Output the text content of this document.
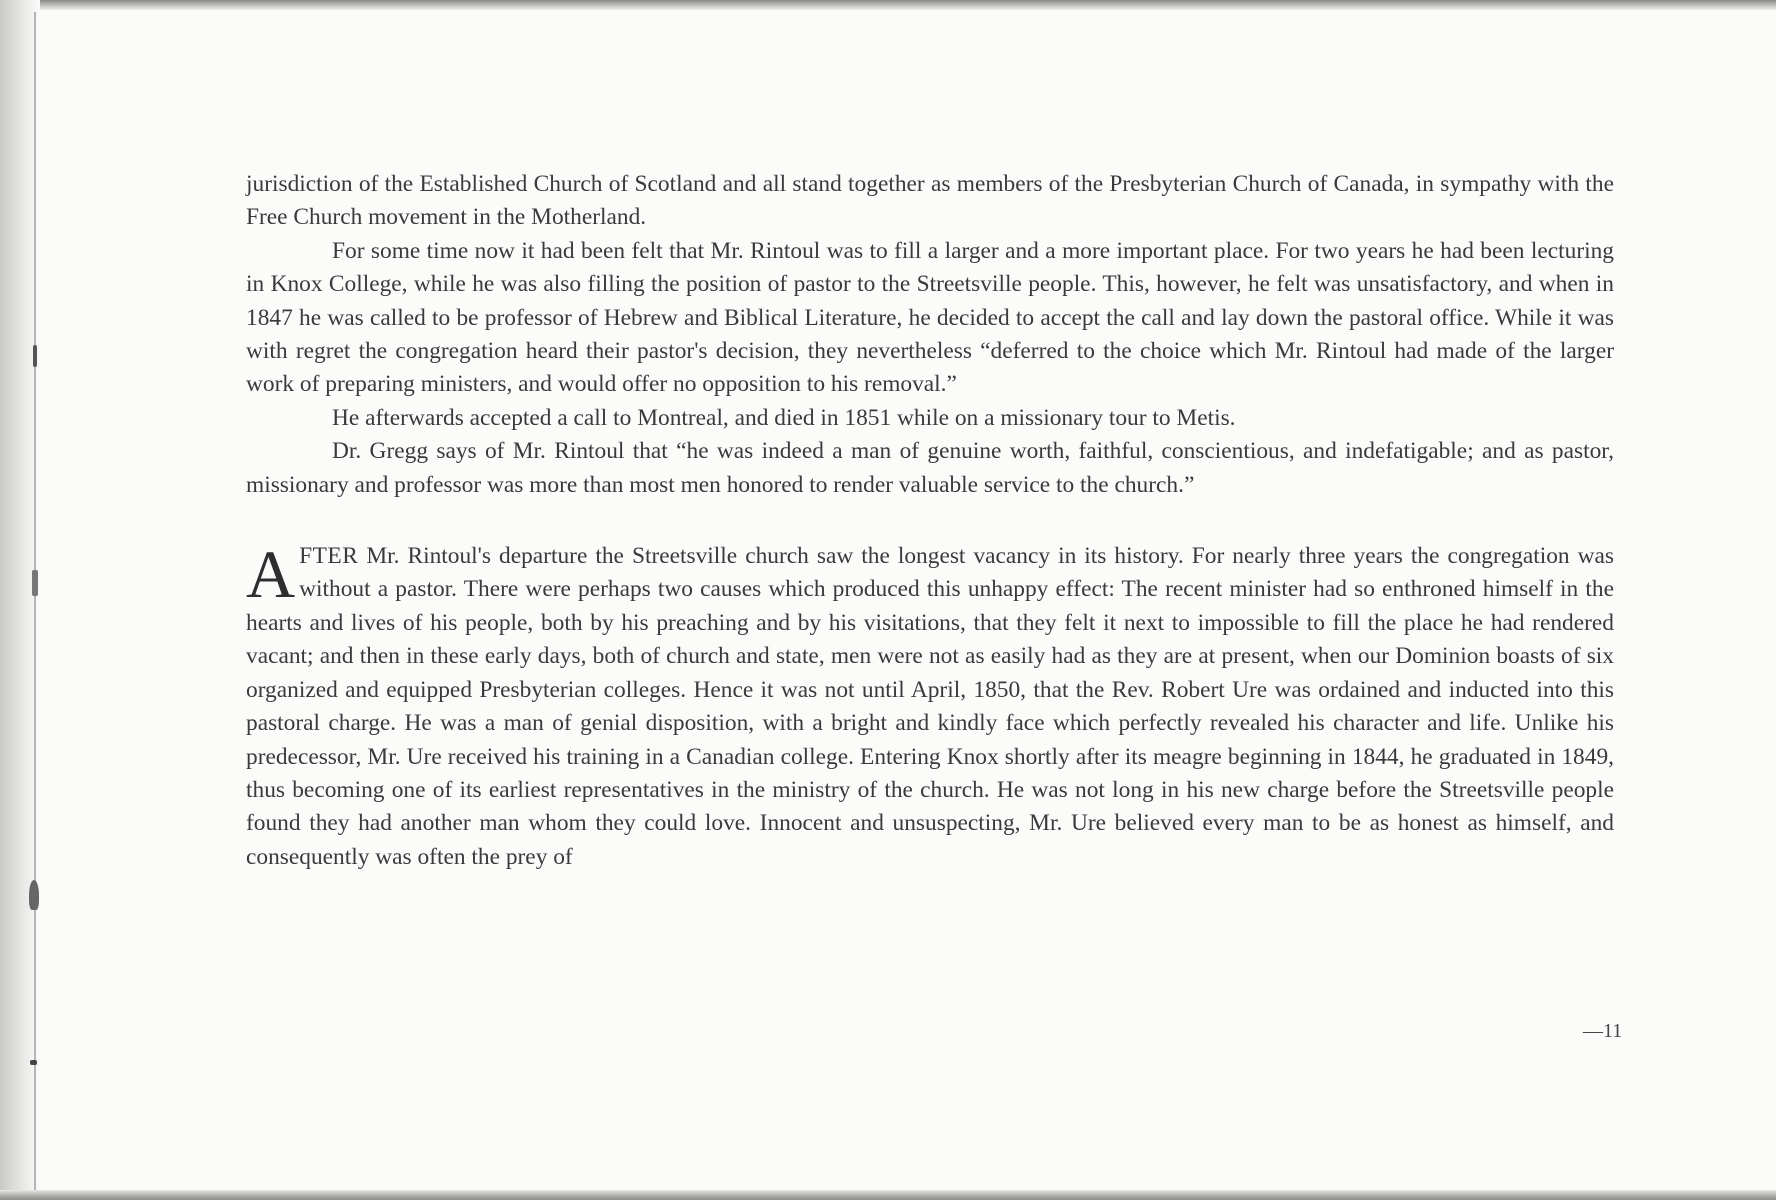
jurisdiction of the Established Church of Scotland and all stand together as members of the Presbyterian Church of Canada, in sympathy with the Free Church movement in the Motherland.

For some time now it had been felt that Mr. Rintoul was to fill a larger and a more important place. For two years he had been lecturing in Knox College, while he was also filling the position of pastor to the Streetsville people. This, however, he felt was unsatisfactory, and when in 1847 he was called to be professor of Hebrew and Biblical Literature, he decided to accept the call and lay down the pastoral office. While it was with regret the congregation heard their pastor's decision, they nevertheless “deferred to the choice which Mr. Rintoul had made of the larger work of preparing ministers, and would offer no opposition to his removal.”

He afterwards accepted a call to Montreal, and died in 1851 while on a missionary tour to Metis.

Dr. Gregg says of Mr. Rintoul that “he was indeed a man of genuine worth, faithful, conscientious, and indefatigable; and as pastor, missionary and professor was more than most men honored to render valuable service to the church.”

AFTER Mr. Rintoul's departure the Streetsville church saw the longest vacancy in its history. For nearly three years the congregation was without a pastor. There were perhaps two causes which produced this unhappy effect: The recent minister had so enthroned himself in the hearts and lives of his people, both by his preaching and by his visitations, that they felt it next to impossible to fill the place he had rendered vacant; and then in these early days, both of church and state, men were not as easily had as they are at present, when our Dominion boasts of six organized and equipped Presbyterian colleges. Hence it was not until April, 1850, that the Rev. Robert Ure was ordained and inducted into this pastoral charge. He was a man of genial disposition, with a bright and kindly face which perfectly revealed his character and life. Unlike his predecessor, Mr. Ure received his training in a Canadian college. Entering Knox shortly after its meagre beginning in 1844, he graduated in 1849, thus becoming one of its earliest representatives in the ministry of the church. He was not long in his new charge before the Streetsville people found they had another man whom they could love. Innocent and unsuspecting, Mr. Ure believed every man to be as honest as himself, and consequently was often the prey of

—11
